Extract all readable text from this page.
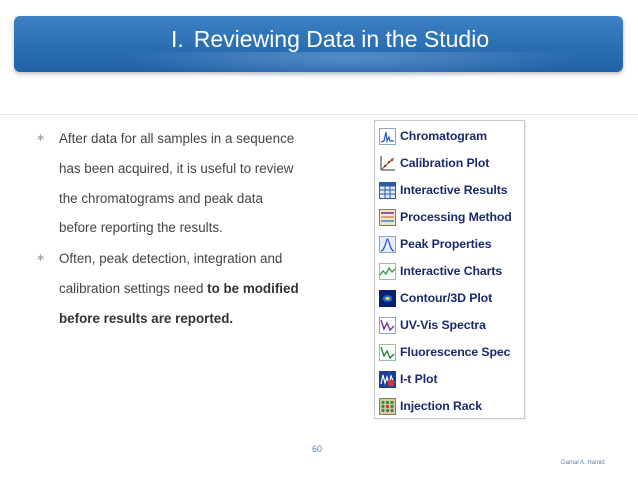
I. Reviewing Data in the Studio
∗ After data for all samples in a sequence has been acquired, it is useful to review the chromatograms and peak data before reporting the results.
∗ Often, peak detection, integration and calibration settings need to be modified before results are reported.
Chromatogram
Calibration Plot
Interactive Results
Processing Method
Peak Properties
Interactive Charts
Contour/3D Plot
UV-Vis Spectra
Fluorescence Spec
I-t Plot
Injection Rack
60
Gamal A. Hamid
